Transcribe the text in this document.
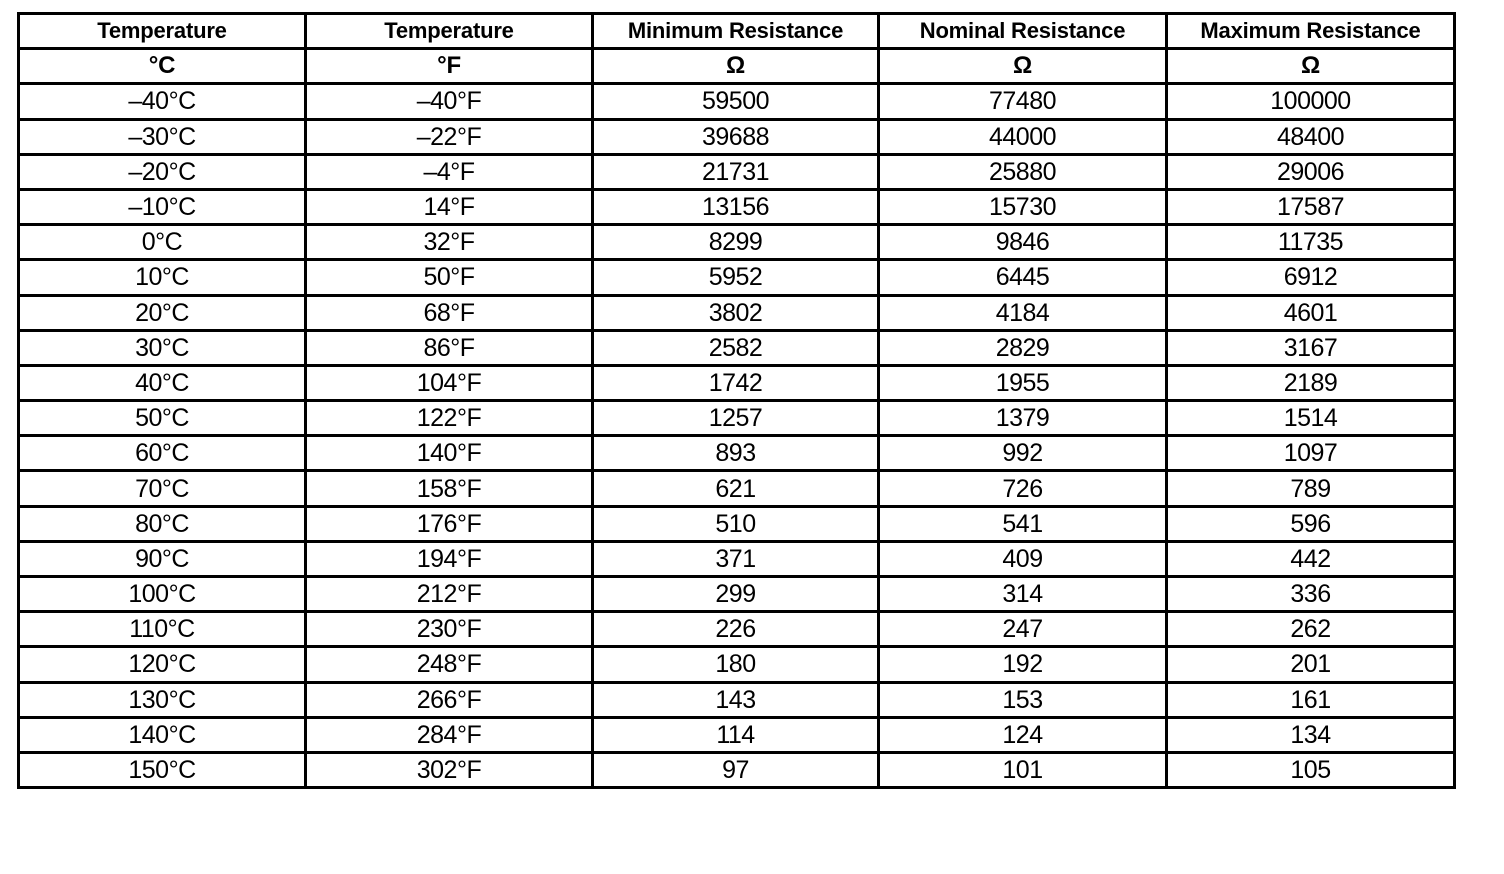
Temperature	Temperature	Minimum Resistance	Nominal Resistance	Maximum Resistance
°C	°F	Ω	Ω	Ω
–40°C	–40°F	59500	77480	100000
–30°C	–22°F	39688	44000	48400
–20°C	–4°F	21731	25880	29006
–10°C	14°F	13156	15730	17587
0°C	32°F	8299	9846	11735
10°C	50°F	5952	6445	6912
20°C	68°F	3802	4184	4601
30°C	86°F	2582	2829	3167
40°C	104°F	1742	1955	2189
50°C	122°F	1257	1379	1514
60°C	140°F	893	992	1097
70°C	158°F	621	726	789
80°C	176°F	510	541	596
90°C	194°F	371	409	442
100°C	212°F	299	314	336
110°C	230°F	226	247	262
120°C	248°F	180	192	201
130°C	266°F	143	153	161
140°C	284°F	114	124	134
150°C	302°F	97	101	105
